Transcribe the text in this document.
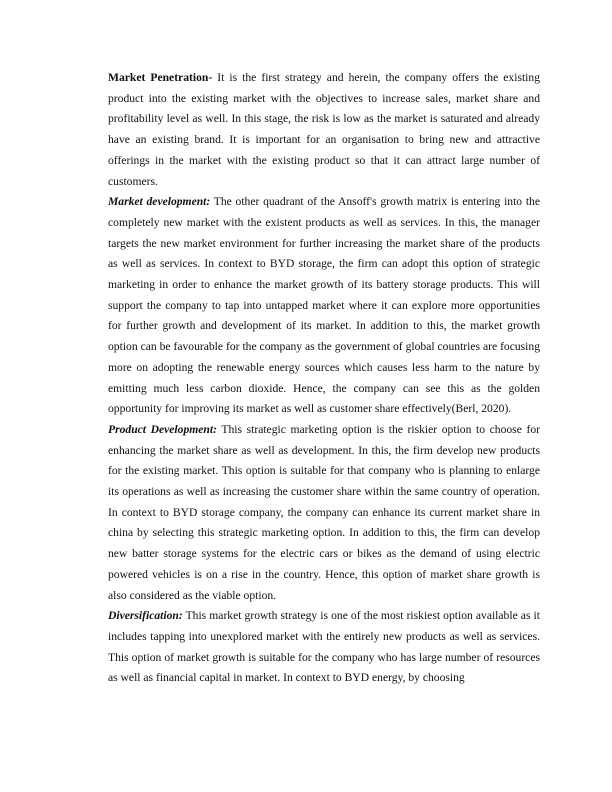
Market Penetration- It is the first strategy and herein, the company offers the existing product into the existing market with the objectives to increase sales, market share and profitability level as well. In this stage, the risk is low as the market is saturated and already have an existing brand. It is important for an organisation to bring new and attractive offerings in the market with the existing product so that it can attract large number of customers.

Market development: The other quadrant of the Ansoff's growth matrix is entering into the completely new market with the existent products as well as services. In this, the manager targets the new market environment for further increasing the market share of the products as well as services. In context to BYD storage, the firm can adopt this option of strategic marketing in order to enhance the market growth of its battery storage products. This will support the company to tap into untapped market where it can explore more opportunities for further growth and development of its market. In addition to this, the market growth option can be favourable for the company as the government of global countries are focusing more on adopting the renewable energy sources which causes less harm to the nature by emitting much less carbon dioxide. Hence, the company can see this as the golden opportunity for improving its market as well as customer share effectively(Berl, 2020).

Product Development: This strategic marketing option is the riskier option to choose for enhancing the market share as well as development. In this, the firm develop new products for the existing market. This option is suitable for that company who is planning to enlarge its operations as well as increasing the customer share within the same country of operation. In context to BYD storage company, the company can enhance its current market share in china by selecting this strategic marketing option. In addition to this, the firm can develop new batter storage systems for the electric cars or bikes as the demand of using electric powered vehicles is on a rise in the country. Hence, this option of market share growth is also considered as the viable option.

Diversification: This market growth strategy is one of the most riskiest option available as it includes tapping into unexplored market with the entirely new products as well as services. This option of market growth is suitable for the company who has large number of resources as well as financial capital in market. In context to BYD energy, by choosing
